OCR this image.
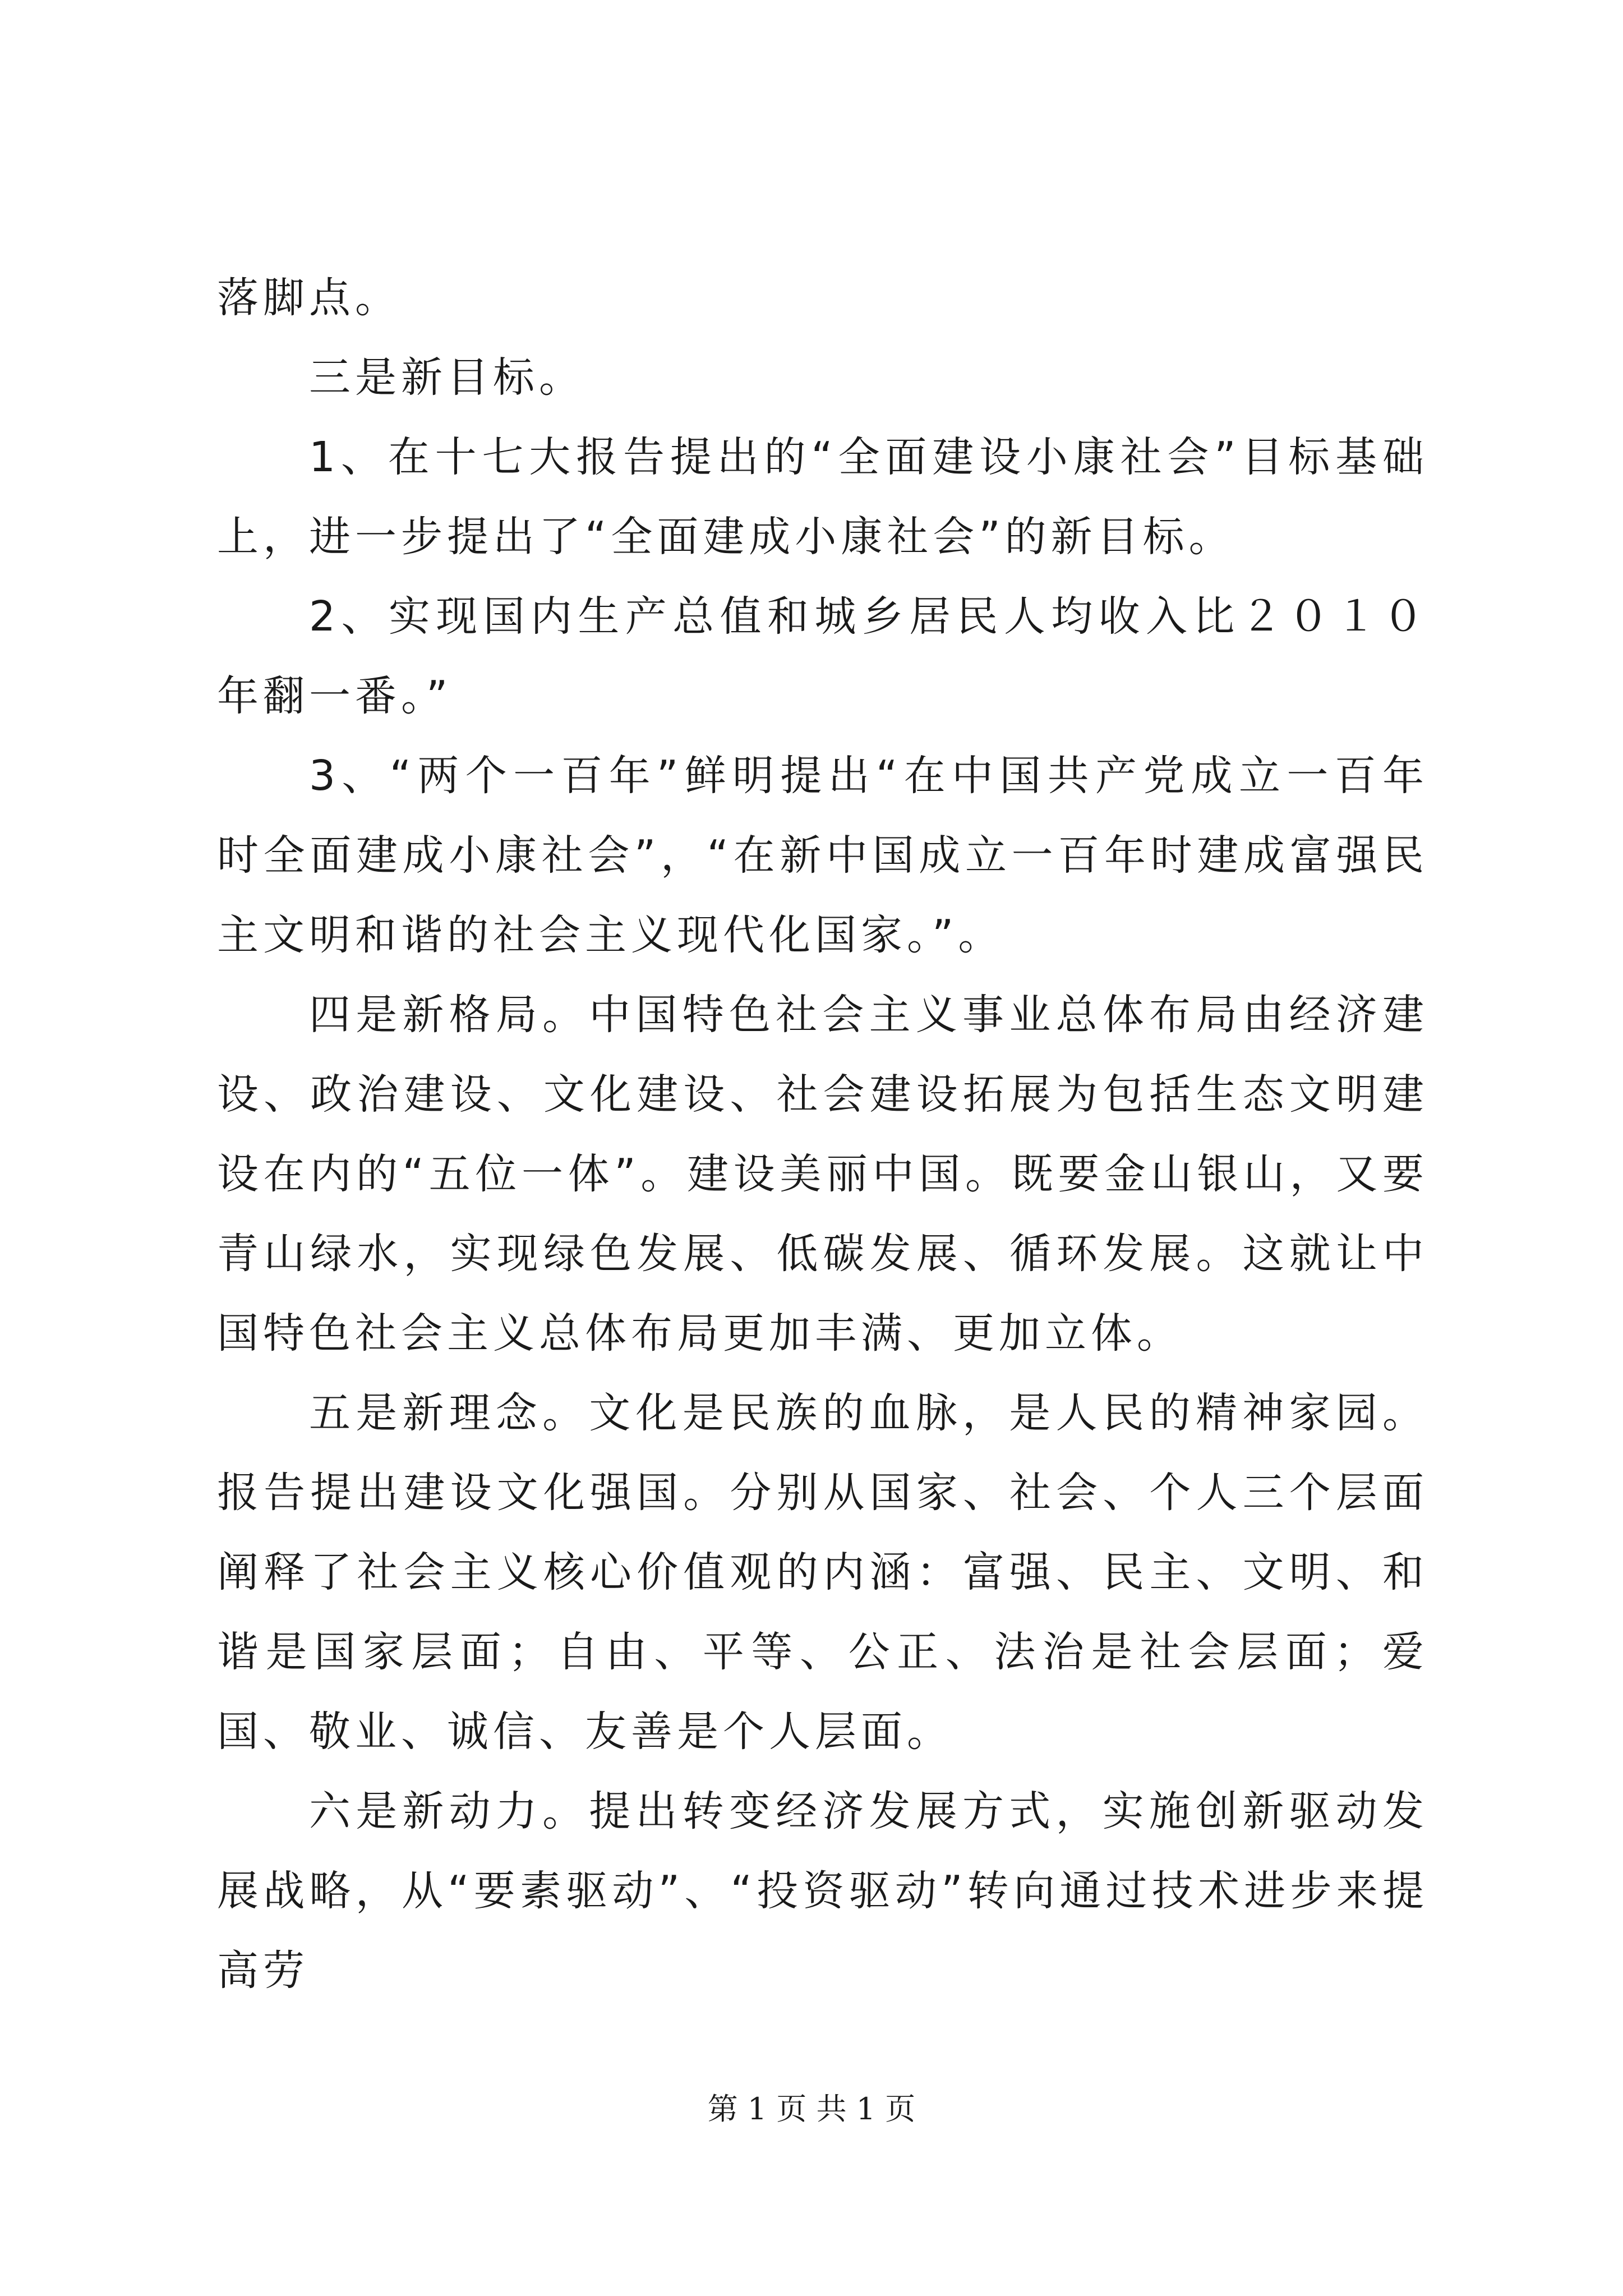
落脚点。

三是新目标。

1、在十七大报告提出的“全面建设小康社会”目标基础上，进一步提出了“全面建成小康社会”的新目标。

2、实现国内生产总值和城乡居民人均收入比２０１０年翻一番。”

3、“两个一百年”鲜明提出“在中国共产党成立一百年时全面建成小康社会”，“在新中国成立一百年时建成富强民主文明和谐的社会主义现代化国家。”。

四是新格局。中国特色社会主义事业总体布局由经济建设、政治建设、文化建设、社会建设拓展为包括生态文明建设在内的“五位一体”。建设美丽中国。既要金山银山，又要青山绿水，实现绿色发展、低碳发展、循环发展。这就让中国特色社会主义总体布局更加丰满、更加立体。

五是新理念。文化是民族的血脉，是人民的精神家园。报告提出建设文化强国。分别从国家、社会、个人三个层面阐释了社会主义核心价值观的内涵：富强、民主、文明、和谐是国家层面；自由、平等、公正、法治是社会层面；爱国、敬业、诚信、友善是个人层面。

六是新动力。提出转变经济发展方式，实施创新驱动发展战略，从“要素驱动”、“投资驱动”转向通过技术进步来提高劳

第 1 页 共 1 页
